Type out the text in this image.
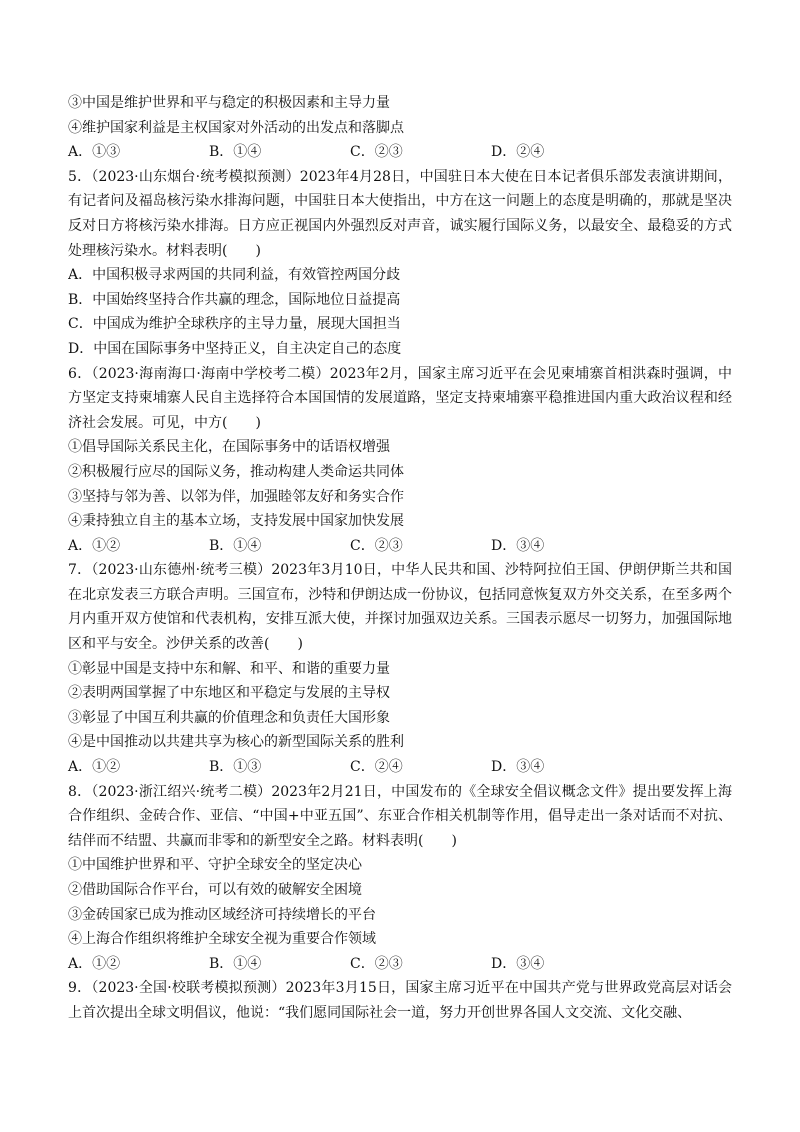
③中国是维护世界和平与稳定的积极因素和主导力量
④维护国家利益是主权国家对外活动的出发点和落脚点
A．①③	B．①④	C．②③	D．②④
5．（2023·山东烟台·统考模拟预测）2023年4月28日，中国驻日本大使在日本记者俱乐部发表演讲期间，有记者问及福岛核污染水排海问题，中国驻日本大使指出，中方在这一问题上的态度是明确的，那就是坚决反对日方将核污染水排海。日方应正视国内外强烈反对声音，诚实履行国际义务，以最安全、最稳妥的方式处理核污染水。材料表明(　　)
A．中国积极寻求两国的共同利益，有效管控两国分歧
B．中国始终坚持合作共赢的理念，国际地位日益提高
C．中国成为维护全球秩序的主导力量，展现大国担当
D．中国在国际事务中坚持正义，自主决定自己的态度
6．（2023·海南海口·海南中学校考二模）2023年2月，国家主席习近平在会见柬埔寨首相洪森时强调，中方坚定支持柬埔寨人民自主选择符合本国国情的发展道路，坚定支持柬埔寨平稳推进国内重大政治议程和经济社会发展。可见，中方(　　)
①倡导国际关系民主化，在国际事务中的话语权增强
②积极履行应尽的国际义务，推动构建人类命运共同体
③坚持与邻为善、以邻为伴，加强睦邻友好和务实合作
④秉持独立自主的基本立场，支持发展中国家加快发展
A．①②	B．①④	C．②③	D．③④
7．（2023·山东德州·统考三模）2023年3月10日，中华人民共和国、沙特阿拉伯王国、伊朗伊斯兰共和国在北京发表三方联合声明。三国宣布，沙特和伊朗达成一份协议，包括同意恢复双方外交关系，在至多两个月内重开双方使馆和代表机构，安排互派大使，并探讨加强双边关系。三国表示愿尽一切努力，加强国际地区和平与安全。沙伊关系的改善(　　)
①彰显中国是支持中东和解、和平、和谐的重要力量
②表明两国掌握了中东地区和平稳定与发展的主导权
③彰显了中国互利共赢的价值理念和负责任大国形象
④是中国推动以共建共享为核心的新型国际关系的胜利
A．①②	B．①③	C．②④	D．③④
8．（2023·浙江绍兴·统考二模）2023年2月21日，中国发布的《全球安全倡议概念文件》提出要发挥上海合作组织、金砖合作、亚信、“中国+中亚五国”、东亚合作相关机制等作用，倡导走出一条对话而不对抗、结伴而不结盟、共赢而非零和的新型安全之路。材料表明(　　)
①中国维护世界和平、守护全球安全的坚定决心
②借助国际合作平台，可以有效的破解安全困境
③金砖国家已成为推动区域经济可持续增长的平台
④上海合作组织将维护全球安全视为重要合作领域
A．①②	B．①④	C．②③	D．③④
9．（2023·全国·校联考模拟预测）2023年3月15日，国家主席习近平在中国共产党与世界政党高层对话会上首次提出全球文明倡议，他说：“我们愿同国际社会一道，努力开创世界各国人文交流、文化交融、
